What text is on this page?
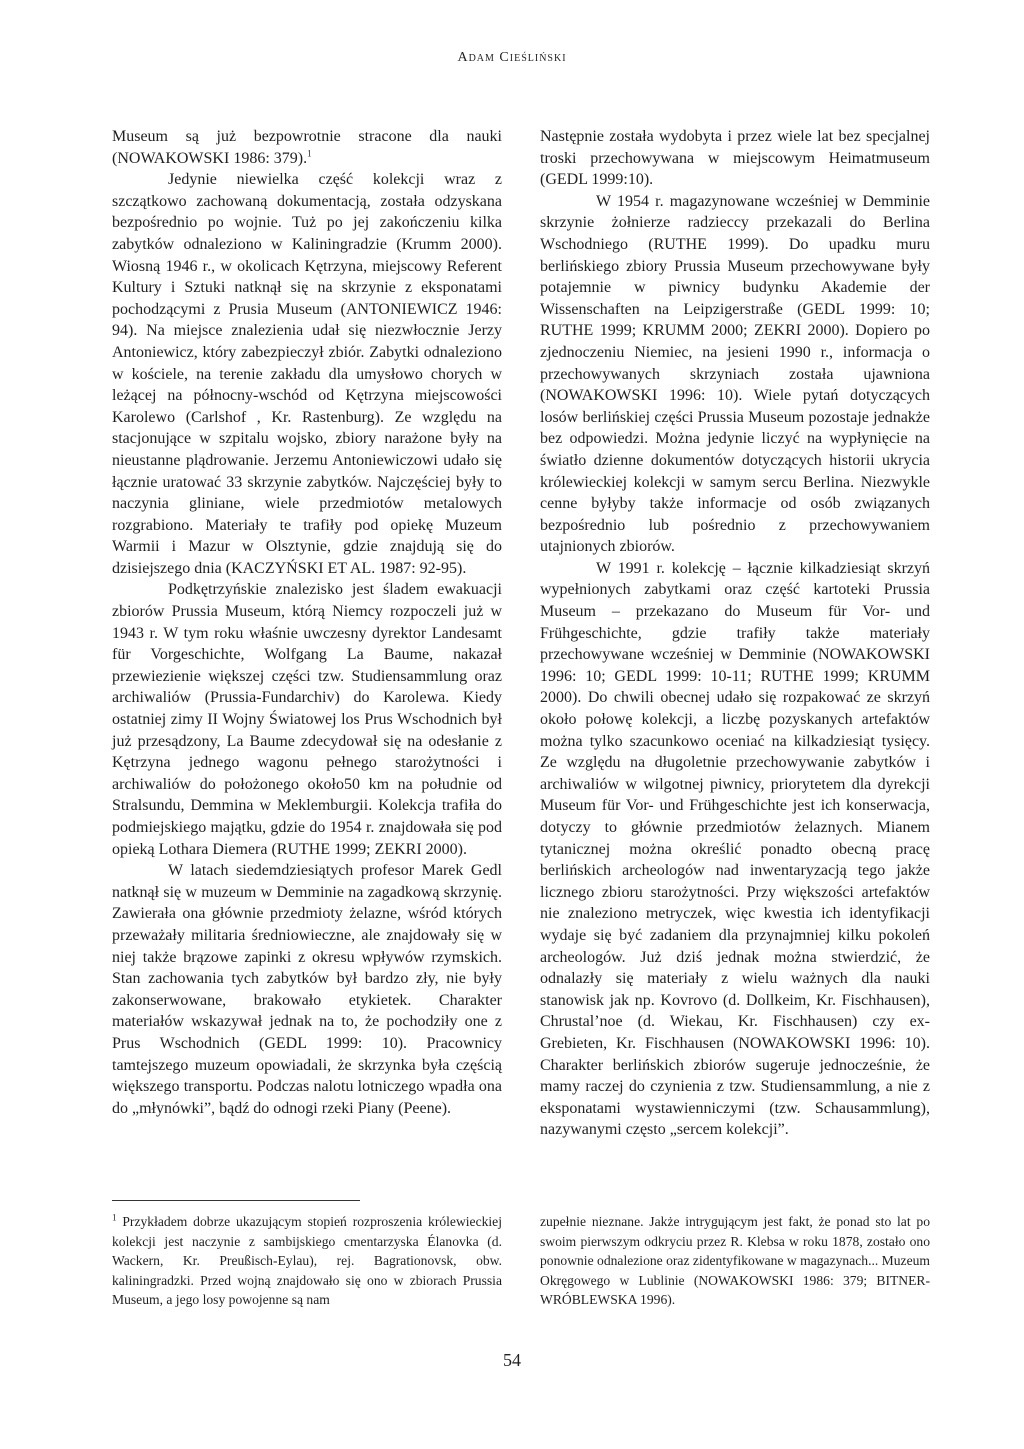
Adam Cieśliński

Museum są już bezpowrotnie stracone dla nauki (NOWAKOWSKI 1986: 379).$^1$

Jedynie niewielka część kolekcji wraz z szczątkowo zachowaną dokumentacją, została odzyskana bezpośrednio po wojnie. Tuż po jej zakończeniu kilka zabytków odnaleziono w Kaliningradzie (Krumm 2000). Wiosną 1946 r., w okolicach Kętrzyna, miejscowy Referent Kultury i Sztuki natknął się na skrzynie z eksponatami pochodzącymi z Prusia Museum (ANTONIEWICZ 1946: 94). Na miejsce znalezienia udał się niezwłocznie Jerzy Antoniewicz, który zabezpieczył zbiór. Zabytki odnaleziono w kościele, na terenie zakładu dla umysłowo chorych w leżącej na północny-wschód od Kętrzyna miejscowości Karolewo (Carlshof , Kr. Rastenburg). Ze względu na stacjonujące w szpitalu wojsko, zbiory narażone były na nieustanne plądrowanie. Jerzemu Antoniewiczowi udało się łącznie uratować 33 skrzynie zabytków. Najczęściej były to naczynia gliniane, wiele przedmiotów metalowych rozgrabiono. Materiały te trafiły pod opiekę Muzeum Warmii i Mazur w Olsztynie, gdzie znajdują się do dzisiejszego dnia (KACZYŃSKI ET AL. 1987: 92-95).

Podkętrzyńskie znalezisko jest śladem ewakuacji zbiorów Prussia Museum, którą Niemcy rozpoczeli już w 1943 r. W tym roku właśnie uwczesny dyrektor Landesamt für Vorgeschichte, Wolfgang La Baume, nakazał przewiezienie większej części tzw. Studiensammlung oraz archiwaliów (Prussia-Fundarchiv) do Karolewa. Kiedy ostatniej zimy II Wojny Światowej los Prus Wschodnich był już przesądzony, La Baume zdecydował się na odesłanie z Kętrzyna jednego wagonu pełnego starożytności i archiwaliów do położonego około50 km na południe od Stralsundu, Demmina w Meklemburgii. Kolekcja trafiła do podmiejskiego majątku, gdzie do 1954 r. znajdowała się pod opieką Lothara Diemera (RUTHE 1999; ZEKRI 2000).

W latach siedemdziesiątych profesor Marek Gedl natknął się w muzeum w Demminie na zagadkową skrzynię. Zawierała ona głównie przedmioty żelazne, wśród których przeważały militaria średniowieczne, ale znajdowały się w niej także brązowe zapinki z okresu wpływów rzymskich. Stan zachowania tych zabytków był bardzo zły, nie były zakonserwowane, brakowało etykietek. Charakter materiałów wskazywał jednak na to, że pochodziły one z Prus Wschodnich (GEDL 1999: 10). Pracownicy tamtejszego muzeum opowiadali, że skrzynka była częścią większego transportu. Podczas nalotu lotniczego wpadła ona do „młynówki”, bądź do odnogi rzeki Piany (Peene).

Następnie została wydobyta i przez wiele lat bez specjalnej troski przechowywana w miejscowym Heimatmuseum (GEDL 1999:10).

W 1954 r. magazynowane wcześniej w Demminie skrzynie żołnierze radzieccy przekazali do Berlina Wschodniego (RUTHE 1999). Do upadku muru berlińskiego zbiory Prussia Museum przechowywane były potajemnie w piwnicy budynku Akademie der Wissenschaften na Leipzigerstraße (GEDL 1999: 10; RUTHE 1999; KRUMM 2000; ZEKRI 2000). Dopiero po zjednoczeniu Niemiec, na jesieni 1990 r., informacja o przechowywanych skrzyniach została ujawniona (NOWAKOWSKI 1996: 10). Wiele pytań dotyczących losów berlińskiej części Prussia Museum pozostaje jednakże bez odpowiedzi. Można jedynie liczyć na wypłynięcie na światło dzienne dokumentów dotyczących historii ukrycia królewieckiej kolekcji w samym sercu Berlina. Niezwykle cenne byłyby także informacje od osób związanych bezpośrednio lub pośrednio z przechowywaniem utajnionych zbiorów.

W 1991 r. kolekcję – łącznie kilkadziesiąt skrzyń wypełnionych zabytkami oraz część kartoteki Prussia Museum – przekazano do Museum für Vor- und Frühgeschichte, gdzie trafiły także materiały przechowywane wcześniej w Demminie (NOWAKOWSKI 1996: 10; GEDL 1999: 10-11; RUTHE 1999; KRUMM 2000). Do chwili obecnej udało się rozpakować ze skrzyń około połowę kolekcji, a liczbę pozyskanych artefaktów można tylko szacunkowo oceniać na kilkadziesiąt tysięcy. Ze względu na długoletnie przechowywanie zabytków i archiwaliów w wilgotnej piwnicy, priorytetem dla dyrekcji Museum für Vor- und Frühgeschichte jest ich konserwacja, dotyczy to głównie przedmiotów żelaznych. Mianem tytanicznej można określić ponadto obecną pracę berlińskich archeologów nad inwentaryzacją tego jakże licznego zbioru starożytności. Przy większości artefaktów nie znaleziono metryczek, więc kwestia ich identyfikacji wydaje się być zadaniem dla przynajmniej kilku pokoleń archeologów. Już dziś jednak można stwierdzić, że odnalazły się materiały z wielu ważnych dla nauki stanowisk jak np. Kovrovo (d. Dollkeim, Kr. Fischhausen), Chrustal’noe (d. Wiekau, Kr. Fischhausen) czy ex-Grebieten, Kr. Fischhausen (NOWAKOWSKI 1996: 10). Charakter berlińskich zbiorów sugeruje jednocześnie, że mamy raczej do czynienia z tzw. Studiensammlung, a nie z eksponatami wystawienniczymi (tzw. Schausammlung), nazywanymi często „sercem kolekcji”.

$^1$ Przykładem dobrze ukazującym stopień rozproszenia królewieckiej kolekcji jest naczynie z sambijskiego cmentarzyska Élanovka (d. Wackern, Kr. Preußisch-Eylau), rej. Bagrationovsk, obw. kaliningradzki. Przed wojną znajdowało się ono w zbiorach Prussia Museum, a jego losy powojenne są nam

zupełnie nieznane. Jakże intrygującym jest fakt, że ponad sto lat po swoim pierwszym odkryciu przez R. Klebsa w roku 1878, zostało ono ponownie odnalezione oraz zidentyfikowane w magazynach... Muzeum Okręgowego w Lublinie (NOWAKOWSKI 1986: 379; BITNER-WRÓBLEWSKA 1996).

54
